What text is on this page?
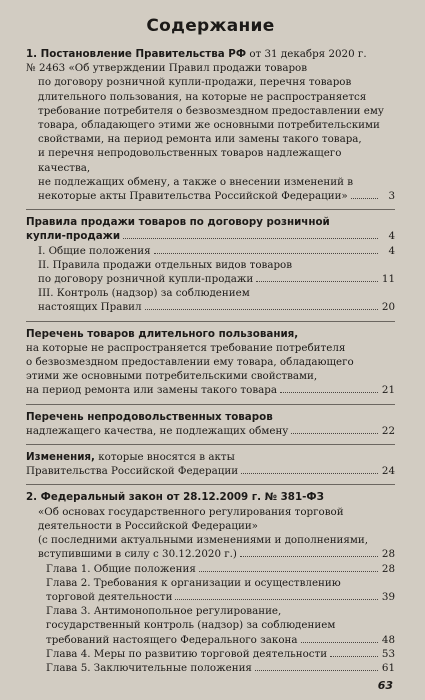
Содержание
1. Постановление Правительства РФ от 31 декабря 2020 г.
№ 2463 «Об утверждении Правил продажи товаров
по договору розничной купли-продажи, перечня товаров
длительного пользования, на которые не распространяется
требование потребителя о безвозмездном предоставлении ему
товара, обладающего этими же основными потребительскими
свойствами, на период ремонта или замены такого товара,
и перечня непродовольственных товаров надлежащего качества,
не подлежащих обмену, а также о внесении изменений в
некоторые акты Правительства Российской Федерации»	3
Правила продажи товаров по договору розничной
купли-продажи	4
I. Общие положения	4
II. Правила продажи отдельных видов товаров
по договору розничной купли-продажи	11
III. Контроль (надзор) за соблюдением
настоящих Правил	20
Перечень товаров длительного пользования,
на которые не распространяется требование потребителя
о безвозмездном предоставлении ему товара, обладающего
этими же основными потребительскими свойствами,
на период ремонта или замены такого товара	21
Перечень непродовольственных товаров
надлежащего качества, не подлежащих обмену	22
Изменения, которые вносятся в акты
Правительства Российской Федерации	24
2. Федеральный закон от 28.12.2009 г. № 381-ФЗ
«Об основах государственного регулирования торговой
деятельности в Российской Федерации»
(с последними актуальными изменениями и дополнениями,
вступившими в силу с 30.12.2020 г.)	28
Глава 1. Общие положения	28
Глава 2. Требования к организации и осуществлению
торговой деятельности	39
Глава 3. Антимонопольное регулирование,
государственный контроль (надзор) за соблюдением
требований настоящего Федерального закона	48
Глава 4. Меры по развитию торговой деятельности	53
Глава 5. Заключительные положения	61
63
